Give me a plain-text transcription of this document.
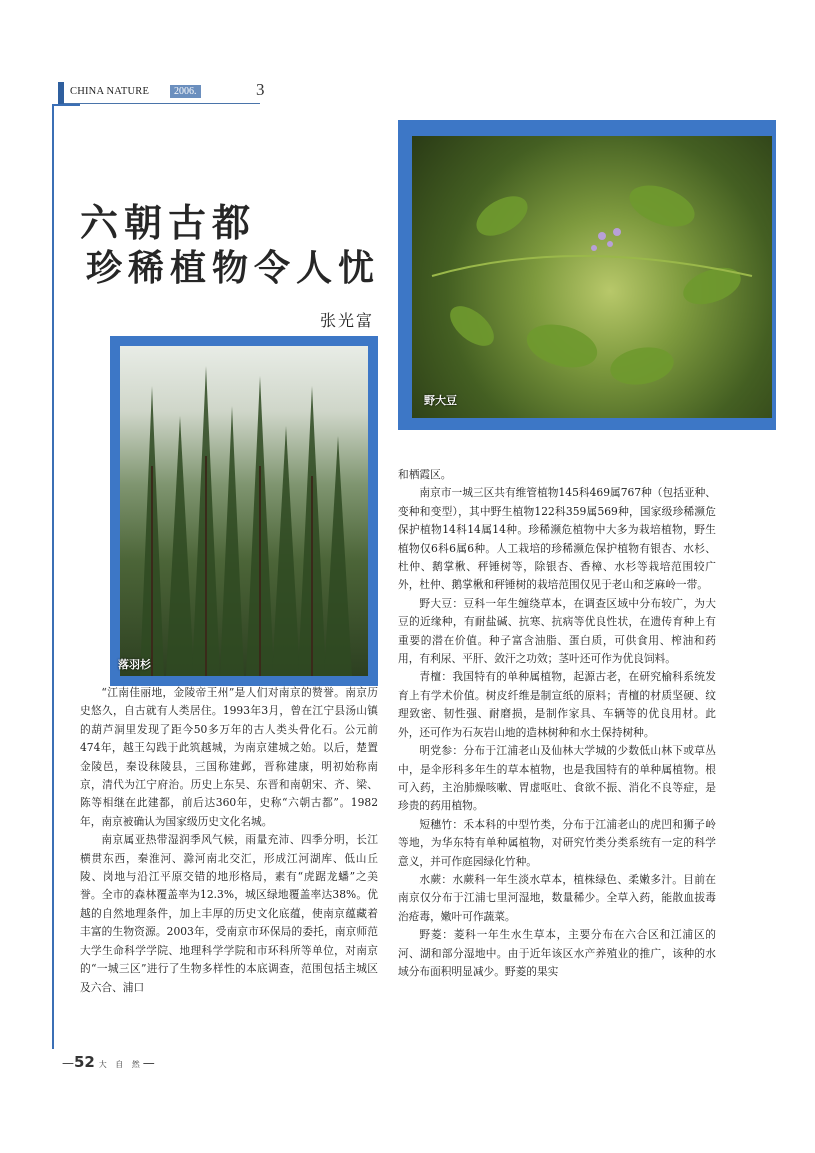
CHINA NATURE	2006.	3
六朝古都
珍稀植物令人忧
张光富
落羽杉
野大豆

“江南佳丽地，金陵帝王州”是人们对南京的赞誉。南京历史悠久，自古就有人类居住。1993年3月，曾在江宁县汤山镇的葫芦洞里发现了距今50多万年的古人类头骨化石。公元前474年，越王勾践于此筑越城，为南京建城之始。以后，楚置金陵邑，秦设秣陵县，三国称建邺，晋称建康，明初始称南京，清代为江宁府治。历史上东吴、东晋和南朝宋、齐、梁、陈等相继在此建都，前后达360年，史称“六朝古都”。1982年，南京被确认为国家级历史文化名城。

南京属亚热带湿润季风气候，雨量充沛、四季分明，长江横贯东西，秦淮河、滁河南北交汇，形成江河湖库、低山丘陵、岗地与沿江平原交错的地形格局，素有“虎踞龙蟠”之美誉。全市的森林覆盖率为12.3%，城区绿地覆盖率达38%。优越的自然地理条件，加上丰厚的历史文化底蕴，使南京蕴藏着丰富的生物资源。2003年，受南京市环保局的委托，南京师范大学生命科学学院、地理科学学院和市环科所等单位，对南京的“一城三区”进行了生物多样性的本底调查，范围包括主城区及六合、浦口

和栖霞区。

南京市一城三区共有维管植物145科469属767种（包括亚种、变种和变型），其中野生植物122科359属569种，国家级珍稀濒危保护植物14科14属14种。珍稀濒危植物中大多为栽培植物，野生植物仅6科6属6种。人工栽培的珍稀濒危保护植物有银杏、水杉、杜仲、鹅掌楸、秤锤树等，除银杏、香樟、水杉等栽培范围较广外，杜仲、鹅掌楸和秤锤树的栽培范围仅见于老山和芝麻岭一带。

野大豆：豆科一年生缠绕草本，在调查区域中分布较广，为大豆的近缘种，有耐盐碱、抗寒、抗病等优良性状，在遗传育种上有重要的潜在价值。种子富含油脂、蛋白质，可供食用、榨油和药用，有利尿、平肝、敛汗之功效；茎叶还可作为优良饲料。

青檀：我国特有的单种属植物，起源古老，在研究榆科系统发育上有学术价值。树皮纤维是制宣纸的原料；青檀的材质坚硬、纹理致密、韧性强、耐磨损，是制作家具、车辆等的优良用材。此外，还可作为石灰岩山地的造林树种和水土保持树种。

明党参：分布于江浦老山及仙林大学城的少数低山林下或草丛中，是伞形科多年生的草本植物，也是我国特有的单种属植物。根可入药，主治肺燥咳嗽、胃虚呕吐、食欲不振、消化不良等症，是珍贵的药用植物。

短穗竹：禾本科的中型竹类，分布于江浦老山的虎凹和狮子岭等地，为华东特有单种属植物，对研究竹类分类系统有一定的科学意义，并可作庭园绿化竹种。

水蕨：水蕨科一年生淡水草本，植株绿色、柔嫩多汁。目前在南京仅分布于江浦七里河湿地，数量稀少。全草入药，能散血拔毒治疮毒，嫩叶可作蔬菜。

野菱：菱科一年生水生草本，主要分布在六合区和江浦区的河、湖和部分湿地中。由于近年该区水产养殖业的推广，该种的水域分布面积明显减少。野菱的果实

—52 大 自 然—
